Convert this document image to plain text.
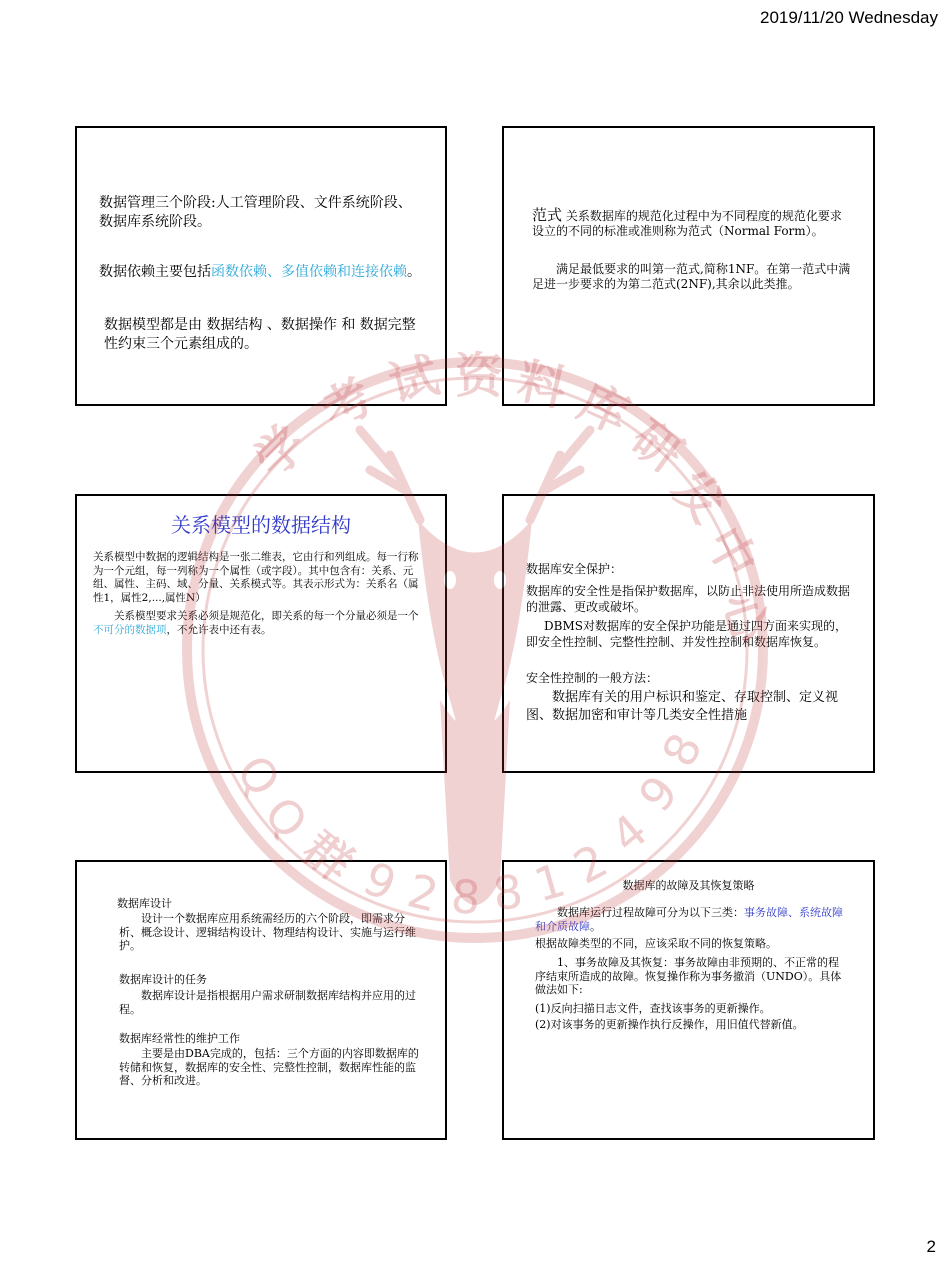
2019/11/20 Wednesday

数据管理三个阶段:人工管理阶段、文件系统阶段、数据库系统阶段。

数据依赖主要包括函数依赖、多值依赖和连接依赖。

数据模型都是由 数据结构 、数据操作 和 数据完整性约束三个元素组成的。

范式 关系数据库的规范化过程中为不同程度的规范化要求设立的不同的标准或准则称为范式（Normal Form）。

满足最低要求的叫第一范式,简称1NF。在第一范式中满足进一步要求的为第二范式(2NF),其余以此类推。

关系模型的数据结构

关系模型中数据的逻辑结构是一张二维表，它由行和列组成。每一行称为一个元组，每一列称为一个属性（或字段）。其中包含有：关系、元组、属性、主码、域、分量、关系模式等。其表示形式为：关系名（属性1，属性2,...,属性N）

关系模型要求关系必须是规范化，即关系的每一个分量必须是一个不可分的数据项，不允许表中还有表。

数据库安全保护：

数据库的安全性是指保护数据库，以防止非法使用所造成数据的泄露、更改或破坏。

DBMS对数据库的安全保护功能是通过四方面来实现的，即安全性控制、完整性控制、并发性控制和数据库恢复。

安全性控制的一般方法：

数据库有关的用户标识和鉴定、存取控制、定义视图、数据加密和审计等几类安全性措施

数据库设计

设计一个数据库应用系统需经历的六个阶段，即需求分析、概念设计、逻辑结构设计、物理结构设计、实施与运行维护。

数据库设计的任务

数据库设计是指根据用户需求研制数据库结构并应用的过程。

数据库经常性的维护工作

主要是由DBA完成的，包括：三个方面的内容即数据库的转储和恢复，数据库的安全性、完整性控制，数据库性能的监督、分析和改进。

数据库的故障及其恢复策略

数据库运行过程故障可分为以下三类：事务故障、系统故障和介质故障。

根据故障类型的不同，应该采取不同的恢复策略。

1、事务故障及其恢复：事务故障由非预期的、不正常的程序结束所造成的故障。恢复操作称为事务撤消（UNDO）。具体做法如下:

(1)反向扫描日志文件，查找该事务的更新操作。

(2)对该事务的更新操作执行反操作，用旧值代替新值。

学
考 试 资 料 库
研
发
中
心
Q
Q
群
9
2 8 8 1
2
4
9
8
2
